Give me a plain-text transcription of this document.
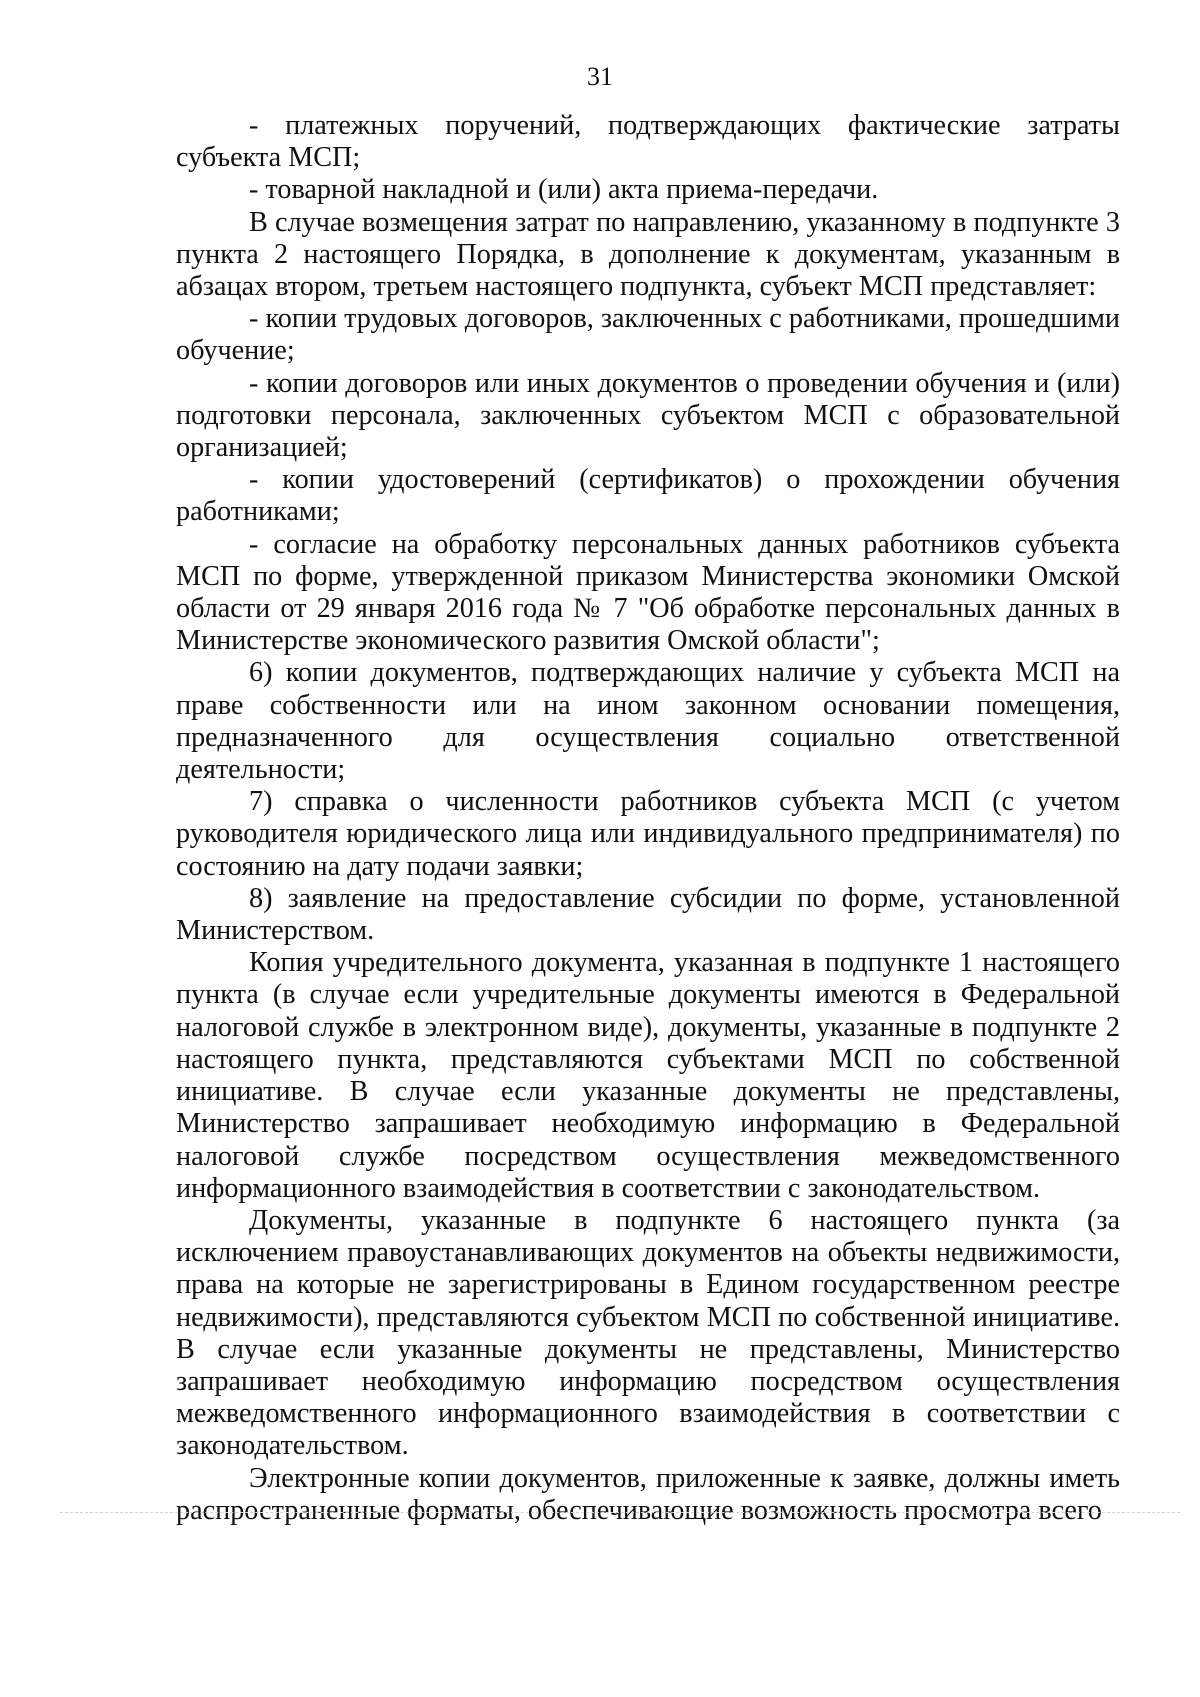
31

- платежных поручений, подтверждающих фактические затраты субъекта МСП;

- товарной накладной и (или) акта приема-передачи.

В случае возмещения затрат по направлению, указанному в подпункте 3 пункта 2 настоящего Порядка, в дополнение к документам, указанным в абзацах втором, третьем настоящего подпункта, субъект МСП представляет:

- копии трудовых договоров, заключенных с работниками, прошедшими обучение;

- копии договоров или иных документов о проведении обучения и (или) подготовки персонала, заключенных субъектом МСП с образовательной организацией;

- копии удостоверений (сертификатов) о прохождении обучения работниками;

- согласие на обработку персональных данных работников субъекта МСП по форме, утвержденной приказом Министерства экономики Омской области от 29 января 2016 года № 7 "Об обработке персональных данных в Министерстве экономического развития Омской области";

6) копии документов, подтверждающих наличие у субъекта МСП на праве собственности или на ином законном основании помещения, предназначенного для осуществления социально ответственной деятельности;

7) справка о численности работников субъекта МСП (с учетом руководителя юридического лица или индивидуального предпринимателя) по состоянию на дату подачи заявки;

8) заявление на предоставление субсидии по форме, установленной Министерством.

Копия учредительного документа, указанная в подпункте 1 настоящего пункта (в случае если учредительные документы имеются в Федеральной налоговой службе в электронном виде), документы, указанные в подпункте 2 настоящего пункта, представляются субъектами МСП по собственной инициативе. В случае если указанные документы не представлены, Министерство запрашивает необходимую информацию в Федеральной налоговой службе посредством осуществления межведомственного информационного взаимодействия в соответствии с законодательством.

Документы, указанные в подпункте 6 настоящего пункта (за исключением правоустанавливающих документов на объекты недвижимости, права на которые не зарегистрированы в Едином государственном реестре недвижимости), представляются субъектом МСП по собственной инициативе. В случае если указанные документы не представлены, Министерство запрашивает необходимую информацию посредством осуществления межведомственного информационного взаимодействия в соответствии с законодательством.

Электронные копии документов, приложенные к заявке, должны иметь распространенные форматы, обеспечивающие возможность просмотра всего
